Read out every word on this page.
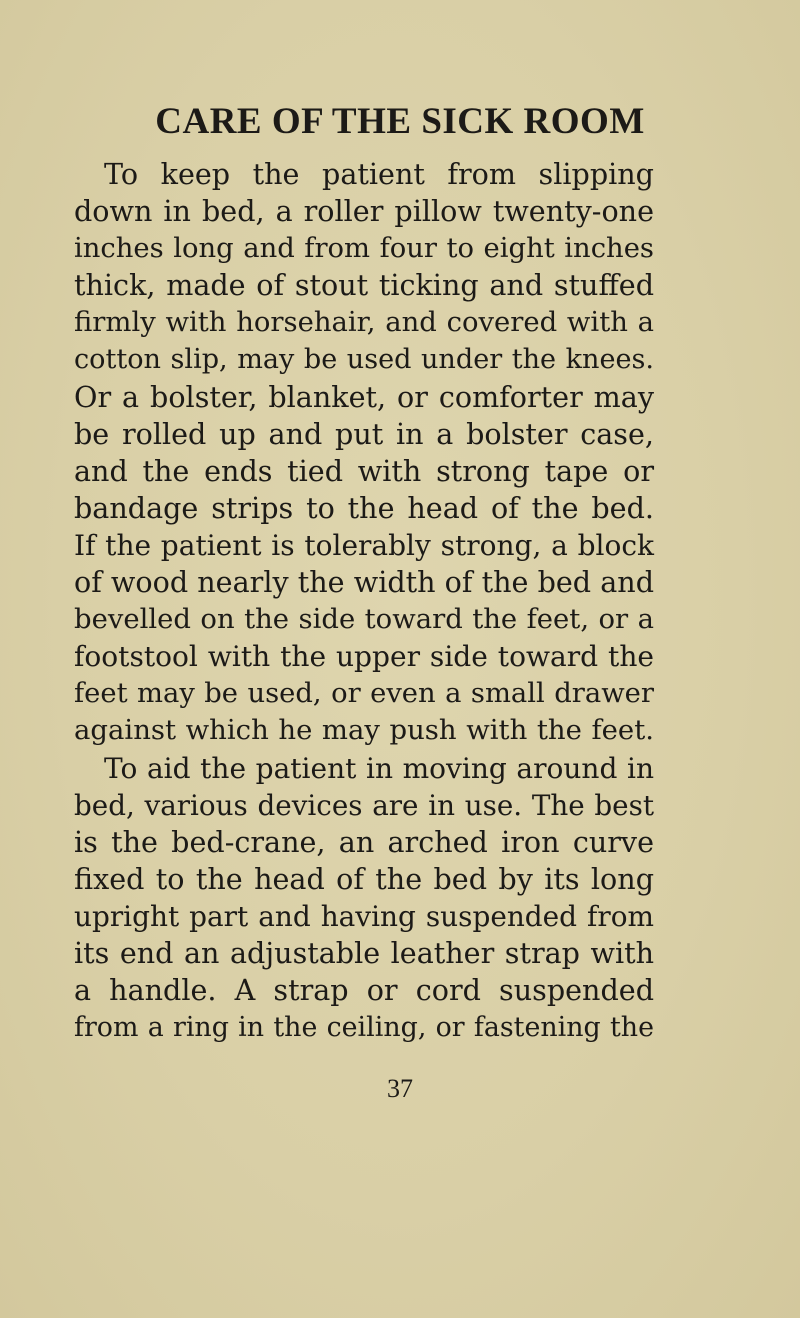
CARE OF THE SICK ROOM
To keep the patient from slipping
down in bed, a roller pillow twenty-one
inches long and from four to eight inches
thick, made of stout ticking and stuffed
firmly with horsehair, and covered with a
cotton slip, may be used under the knees.
Or a bolster, blanket, or comforter may
be rolled up and put in a bolster case,
and the ends tied with strong tape or
bandage strips to the head of the bed.
If the patient is tolerably strong, a block
of wood nearly the width of the bed and
bevelled on the side toward the feet, or a
footstool with the upper side toward the
feet may be used, or even a small drawer
against which he may push with the feet.
To aid the patient in moving around in
bed, various devices are in use. The best
is the bed-crane, an arched iron curve
fixed to the head of the bed by its long
upright part and having suspended from
its end an adjustable leather strap with
a handle. A strap or cord suspended
from a ring in the ceiling, or fastening the
37
